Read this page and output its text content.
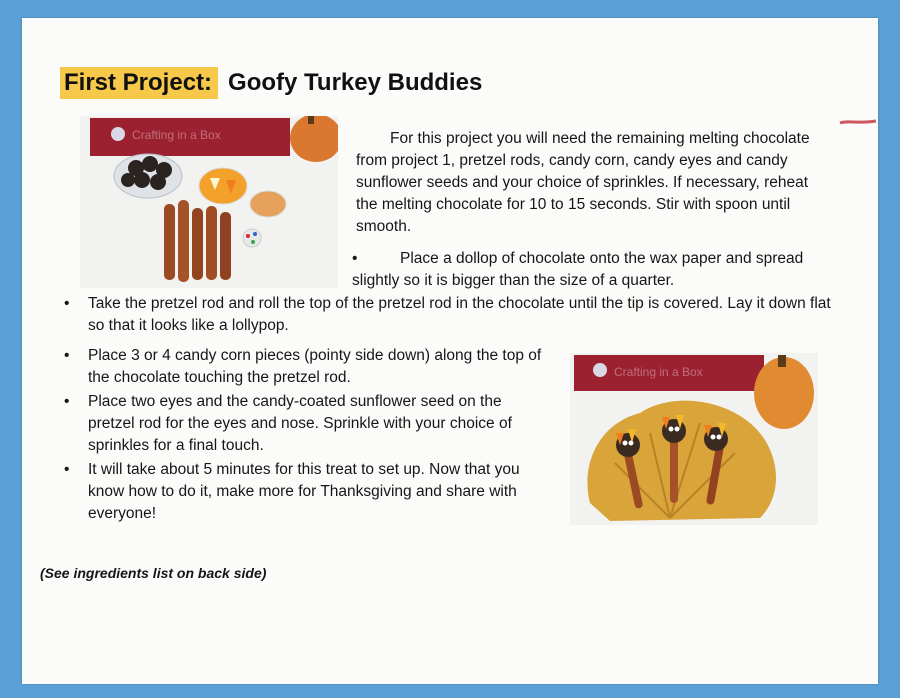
First Project: Goofy Turkey Buddies
Crafting in a Box	For this project you will need the remaining melting chocolate from project 1, pretzel rods, candy corn, candy eyes and candy sunflower seeds and your choice of sprinkles. If necessary, reheat the melting chocolate for 10 to 15 seconds. Stir with spoon until smooth.

•	Place a dollop of chocolate onto the wax paper and spread slightly so it is bigger than the size of a quarter.
• Take the pretzel rod and roll the top of the pretzel rod in the chocolate until the tip is covered. Lay it down flat so that it looks like a lollypop.
• Place 3 or 4 candy corn pieces (pointy side down) along the top of the chocolate touching the pretzel rod.
• Place two eyes and the candy-coated sunflower seed on the pretzel rod for the eyes and nose. Sprinkle with your choice of sprinkles for a final touch.
• It will take about 5 minutes for this treat to set up. Now that you know how to do it, make more for Thanksgiving and share with everyone!
Crafting in a Box
(See ingredients list on back side)
